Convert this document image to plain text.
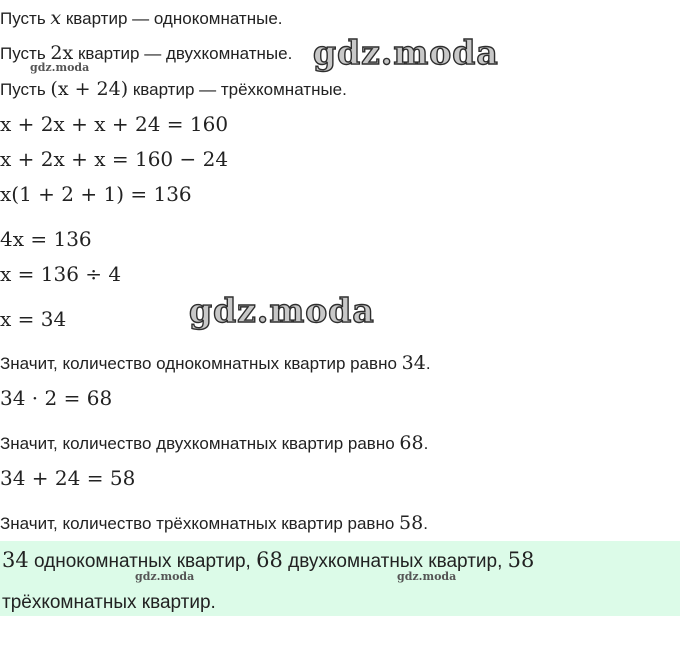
Пусть x квартир — однокомнатные.
Пусть 2x квартир — двухкомнатные.
Пусть (x + 24) квартир — трёхкомнатные.
x + 2x + x + 24 = 160
x + 2x + x = 160 − 24
x(1 + 2 + 1) = 136
4x = 136
x = 136 ÷ 4
x = 34
Значит, количество однокомнатных квартир равно 34.
34 · 2 = 68
Значит, количество двухкомнатных квартир равно 68.
34 + 24 = 58
Значит, количество трёхкомнатных квартир равно 58.
34 однокомнатных квартир, 68 двухкомнатных квартир, 58
трёхкомнатных квартир.
gdz.moda
gdz.moda
gdz.moda
gdz.moda	gdz.moda
